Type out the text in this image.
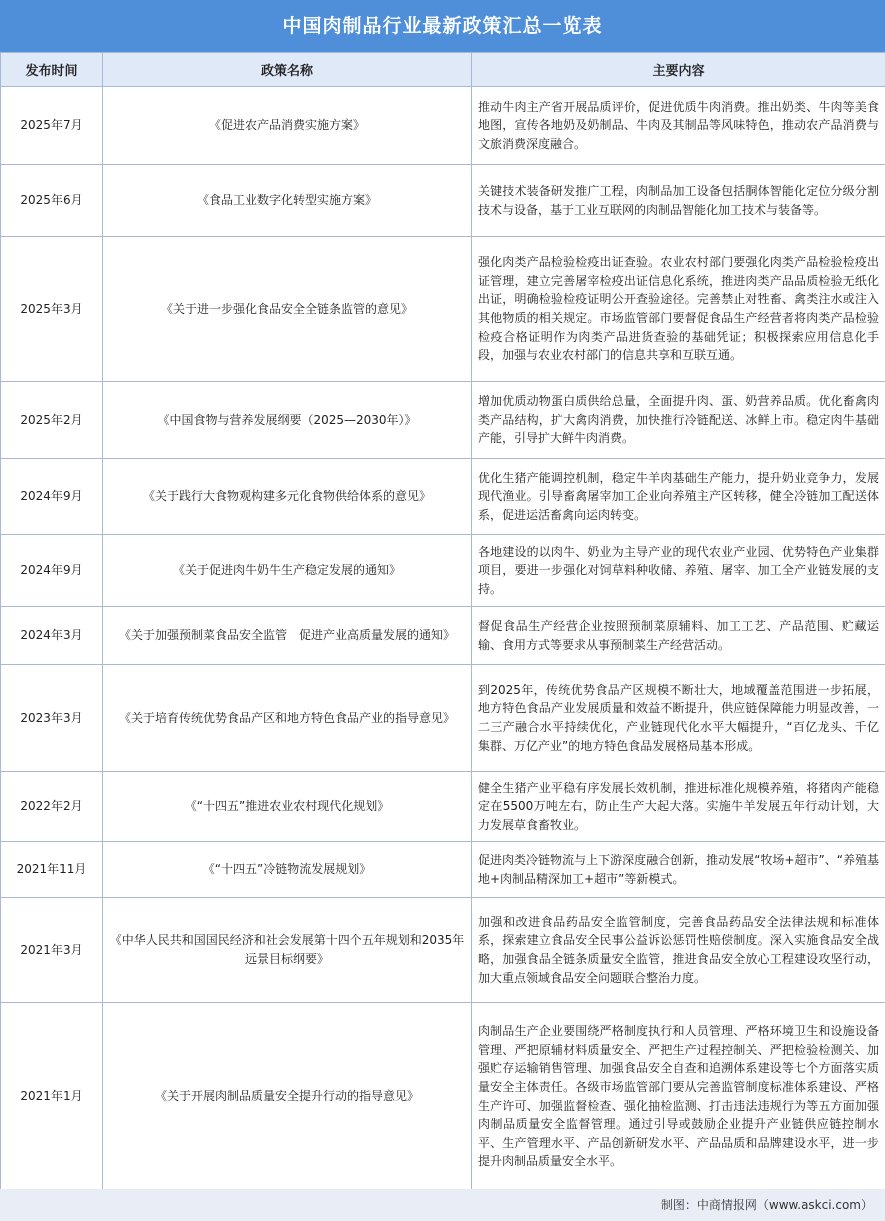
中国肉制品行业最新政策汇总一览表
发布时间	政策名称	主要内容
2025年7月	《促进农产品消费实施方案》	推动牛肉主产省开展品质评价，促进优质牛肉消费。推出奶类、牛肉等美食地图，宣传各地奶及奶制品、牛肉及其制品等风味特色，推动农产品消费与文旅消费深度融合。
2025年6月	《食品工业数字化转型实施方案》	关键技术装备研发推广工程，肉制品加工设备包括胴体智能化定位分级分割技术与设备，基于工业互联网的肉制品智能化加工技术与装备等。
2025年3月	《关于进一步强化食品安全全链条监管的意见》	强化肉类产品检验检疫出证查验。农业农村部门要强化肉类产品检验检疫出证管理，建立完善屠宰检疫出证信息化系统，推进肉类产品品质检验无纸化出证，明确检验检疫证明公开查验途径。完善禁止对牲畜、禽类注水或注入其他物质的相关规定。市场监管部门要督促食品生产经营者将肉类产品检验检疫合格证明作为肉类产品进货查验的基础凭证；积极探索应用信息化手段，加强与农业农村部门的信息共享和互联互通。
2025年2月	《中国食物与营养发展纲要（2025—2030年）》	增加优质动物蛋白质供给总量，全面提升肉、蛋、奶营养品质。优化畜禽肉类产品结构，扩大禽肉消费，加快推行冷链配送、冰鲜上市。稳定肉牛基础产能，引导扩大鲜牛肉消费。
2024年9月	《关于践行大食物观构建多元化食物供给体系的意见》	优化生猪产能调控机制，稳定牛羊肉基础生产能力，提升奶业竞争力，发展现代渔业。引导畜禽屠宰加工企业向养殖主产区转移，健全冷链加工配送体系，促进运活畜禽向运肉转变。
2024年9月	《关于促进肉牛奶牛生产稳定发展的通知》	各地建设的以肉牛、奶业为主导产业的现代农业产业园、优势特色产业集群项目，要进一步强化对饲草料种收储、养殖、屠宰、加工全产业链发展的支持。
2024年3月	《关于加强预制菜食品安全监管　促进产业高质量发展的通知》	督促食品生产经营企业按照预制菜原辅料、加工工艺、产品范围、贮藏运输、食用方式等要求从事预制菜生产经营活动。
2023年3月	《关于培育传统优势食品产区和地方特色食品产业的指导意见》	到2025年，传统优势食品产区规模不断壮大，地域覆盖范围进一步拓展，地方特色食品产业发展质量和效益不断提升，供应链保障能力明显改善，一二三产融合水平持续优化，产业链现代化水平大幅提升，“百亿龙头、千亿集群、万亿产业”的地方特色食品发展格局基本形成。
2022年2月	《“十四五”推进农业农村现代化规划》	健全生猪产业平稳有序发展长效机制，推进标准化规模养殖，将猪肉产能稳定在5500万吨左右，防止生产大起大落。实施牛羊发展五年行动计划，大力发展草食畜牧业。
2021年11月	《“十四五”冷链物流发展规划》	促进肉类冷链物流与上下游深度融合创新，推动发展“牧场+超市”、“养殖基地+肉制品精深加工+超市”等新模式。
2021年3月	《中华人民共和国国民经济和社会发展第十四个五年规划和2035年远景目标纲要》	加强和改进食品药品安全监管制度，完善食品药品安全法律法规和标准体系，探索建立食品安全民事公益诉讼惩罚性赔偿制度。深入实施食品安全战略，加强食品全链条质量安全监管，推进食品安全放心工程建设攻坚行动，加大重点领域食品安全问题联合整治力度。
2021年1月	《关于开展肉制品质量安全提升行动的指导意见》	肉制品生产企业要围绕严格制度执行和人员管理、严格环境卫生和设施设备管理、严把原辅材料质量安全、严把生产过程控制关、严把检验检测关、加强贮存运输销售管理、加强食品安全自查和追溯体系建设等七个方面落实质量安全主体责任。各级市场监管部门要从完善监管制度标准体系建设、严格生产许可、加强监督检查、强化抽检监测、打击违法违规行为等五方面加强肉制品质量安全监督管理。通过引导或鼓励企业提升产业链供应链控制水平、生产管理水平、产品创新研发水平、产品品质和品牌建设水平，进一步提升肉制品质量安全水平。
制图：中商情报网（www.askci.com）
